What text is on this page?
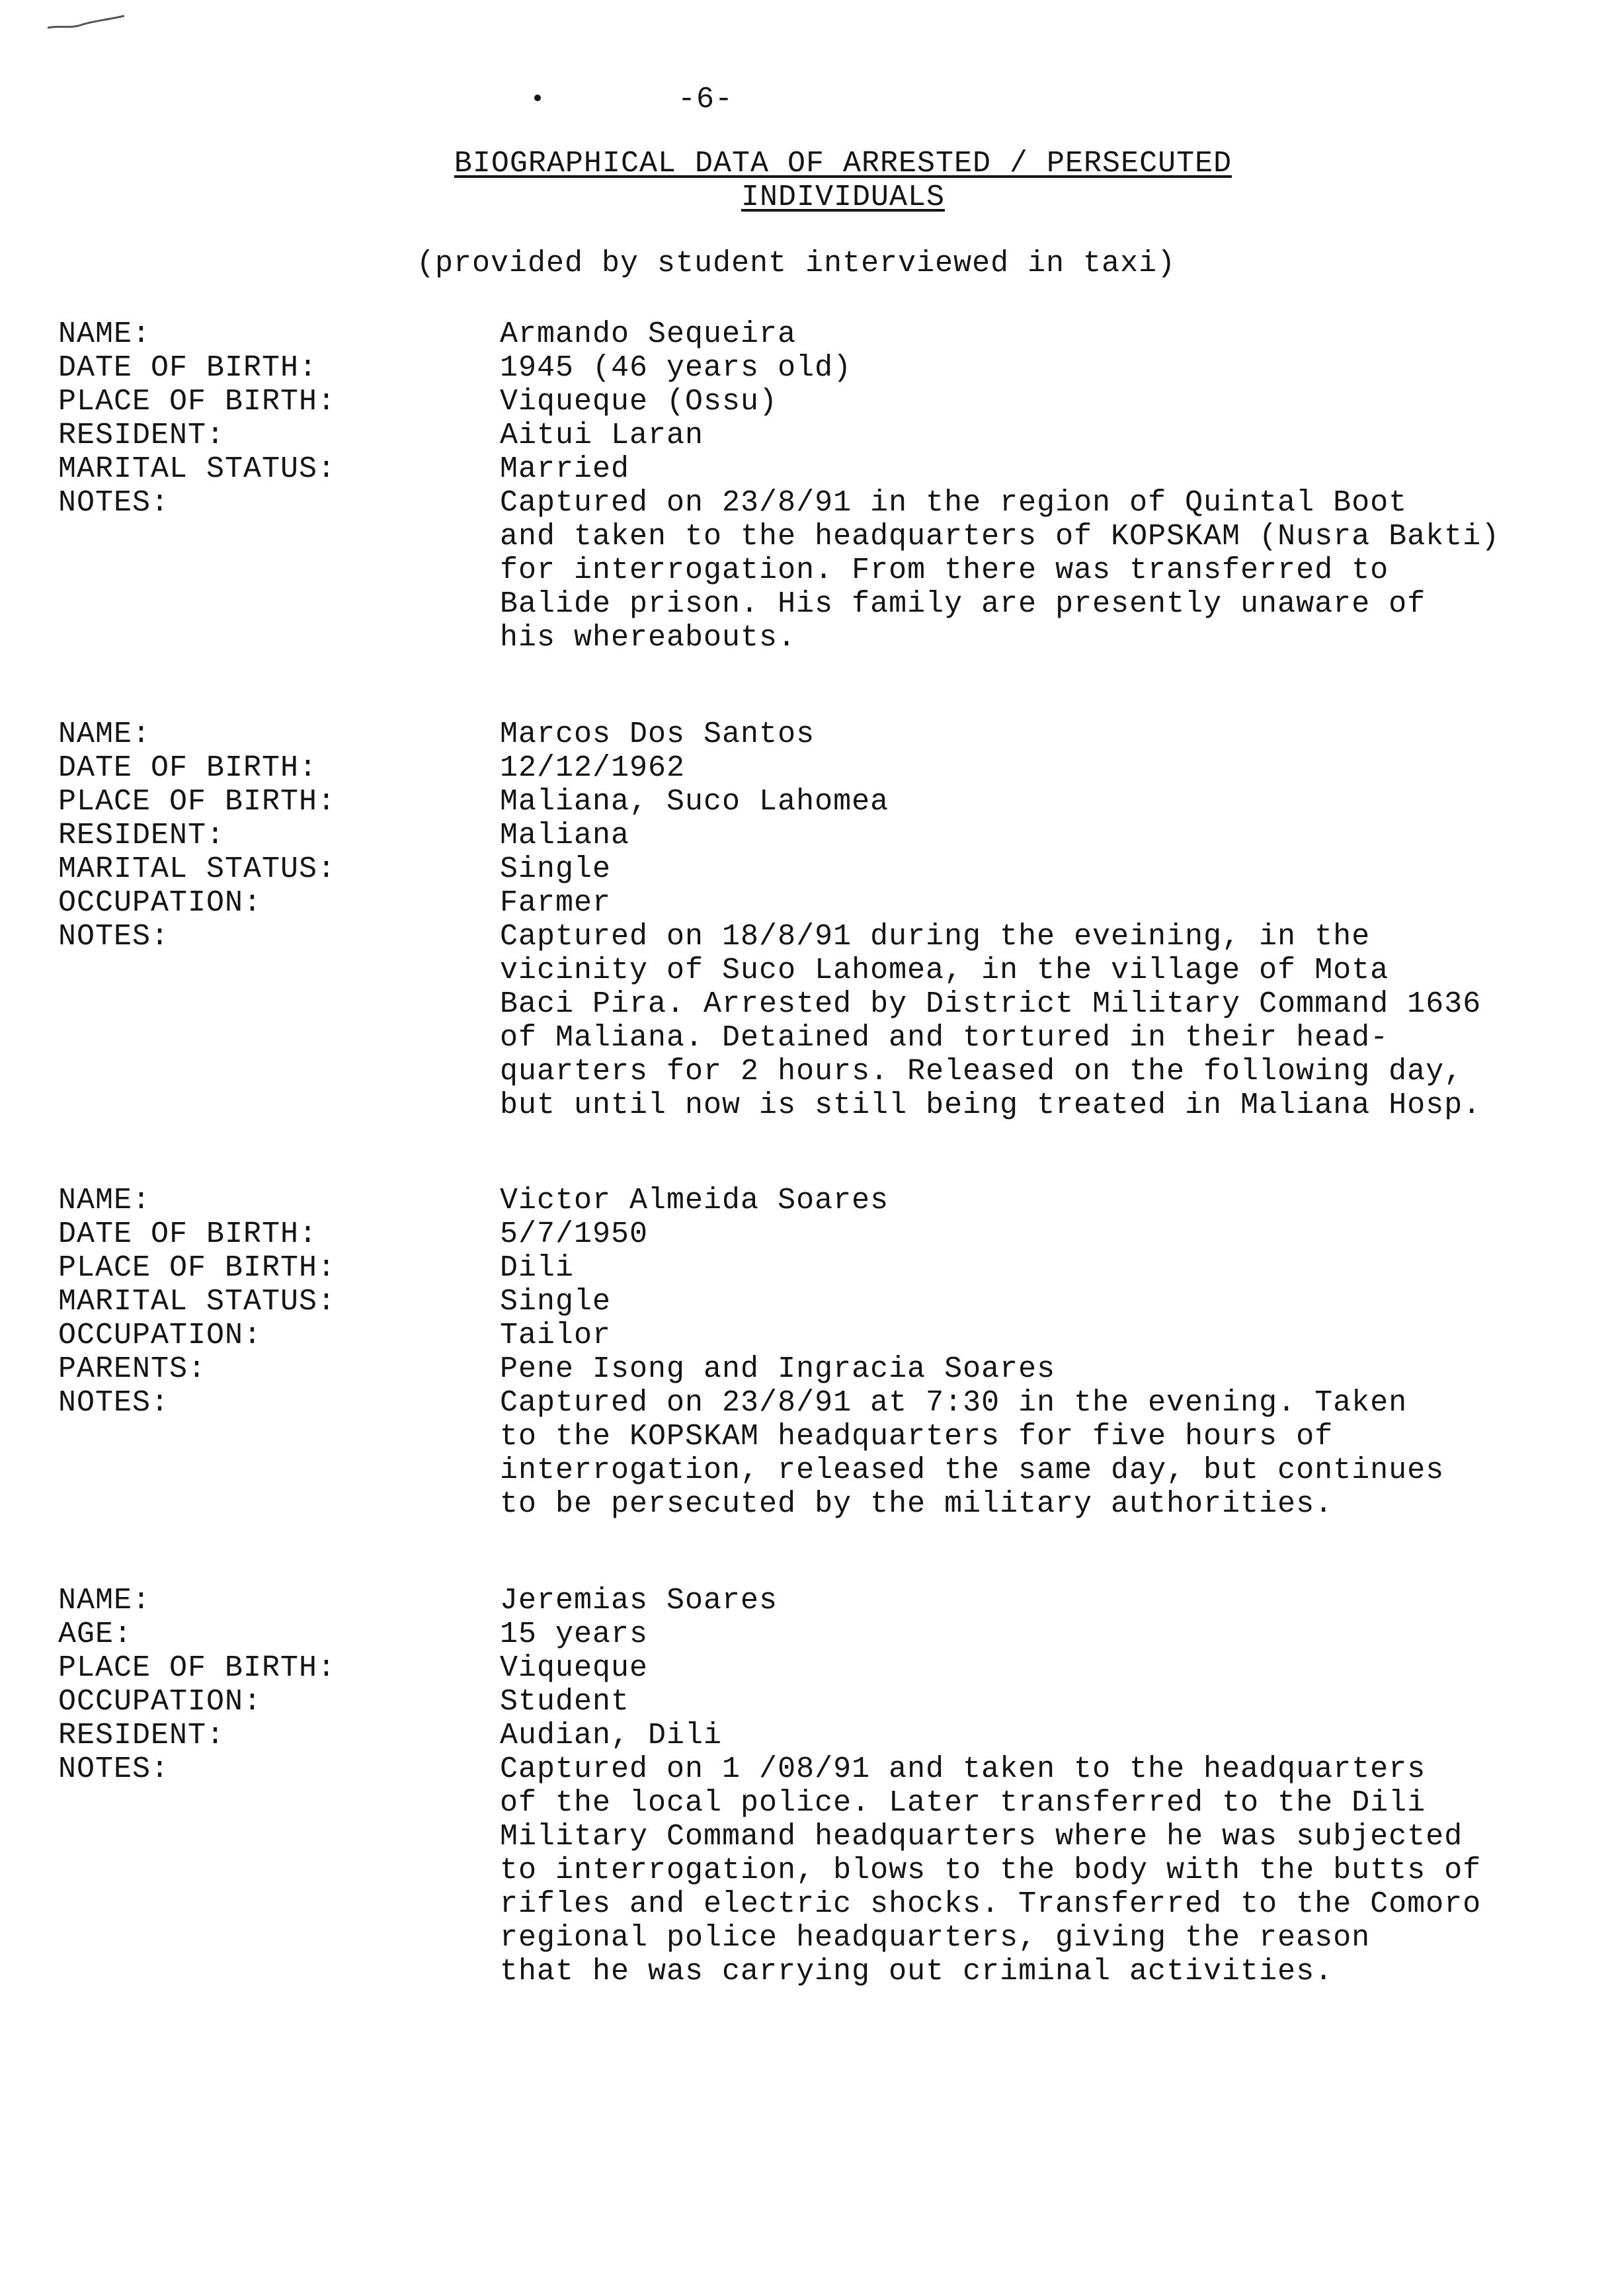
-6-
BIOGRAPHICAL DATA OF ARRESTED / PERSECUTED
INDIVIDUALS
(provided by student interviewed in taxi)
NAME:
DATE OF BIRTH:
PLACE OF BIRTH:
RESIDENT:
MARITAL STATUS:
NOTES:
Armando Sequeira
1945 (46 years old)
Viqueque (Ossu)
Aitui Laran
Married
Captured on 23/8/91 in the region of Quintal Boot
and taken to the headquarters of KOPSKAM (Nusra Bakti)
for interrogation. From there was transferred to
Balide prison. His family are presently unaware of
his whereabouts.
NAME:
DATE OF BIRTH:
PLACE OF BIRTH:
RESIDENT:
MARITAL STATUS:
OCCUPATION:
NOTES:
Marcos Dos Santos
12/12/1962
Maliana, Suco Lahomea
Maliana
Single
Farmer
Captured on 18/8/91 during the eveining, in the
vicinity of Suco Lahomea, in the village of Mota
Baci Pira. Arrested by District Military Command 1636
of Maliana. Detained and tortured in their head-
quarters for 2 hours. Released on the following day,
but until now is still being treated in Maliana Hosp.
NAME:
DATE OF BIRTH:
PLACE OF BIRTH:
MARITAL STATUS:
OCCUPATION:
PARENTS:
NOTES:
Victor Almeida Soares
5/7/1950
Dili
Single
Tailor
Pene Isong and Ingracia Soares
Captured on 23/8/91 at 7:30 in the evening. Taken
to the KOPSKAM headquarters for five hours of
interrogation, released the same day, but continues
to be persecuted by the military authorities.
NAME:
AGE:
PLACE OF BIRTH:
OCCUPATION:
RESIDENT:
NOTES:
Jeremias Soares
15 years
Viqueque
Student
Audian, Dili
Captured on 1 /08/91 and taken to the headquarters
of the local police. Later transferred to the Dili
Military Command headquarters where he was subjected
to interrogation, blows to the body with the butts of
rifles and electric shocks. Transferred to the Comoro
regional police headquarters, giving the reason
that he was carrying out criminal activities.
